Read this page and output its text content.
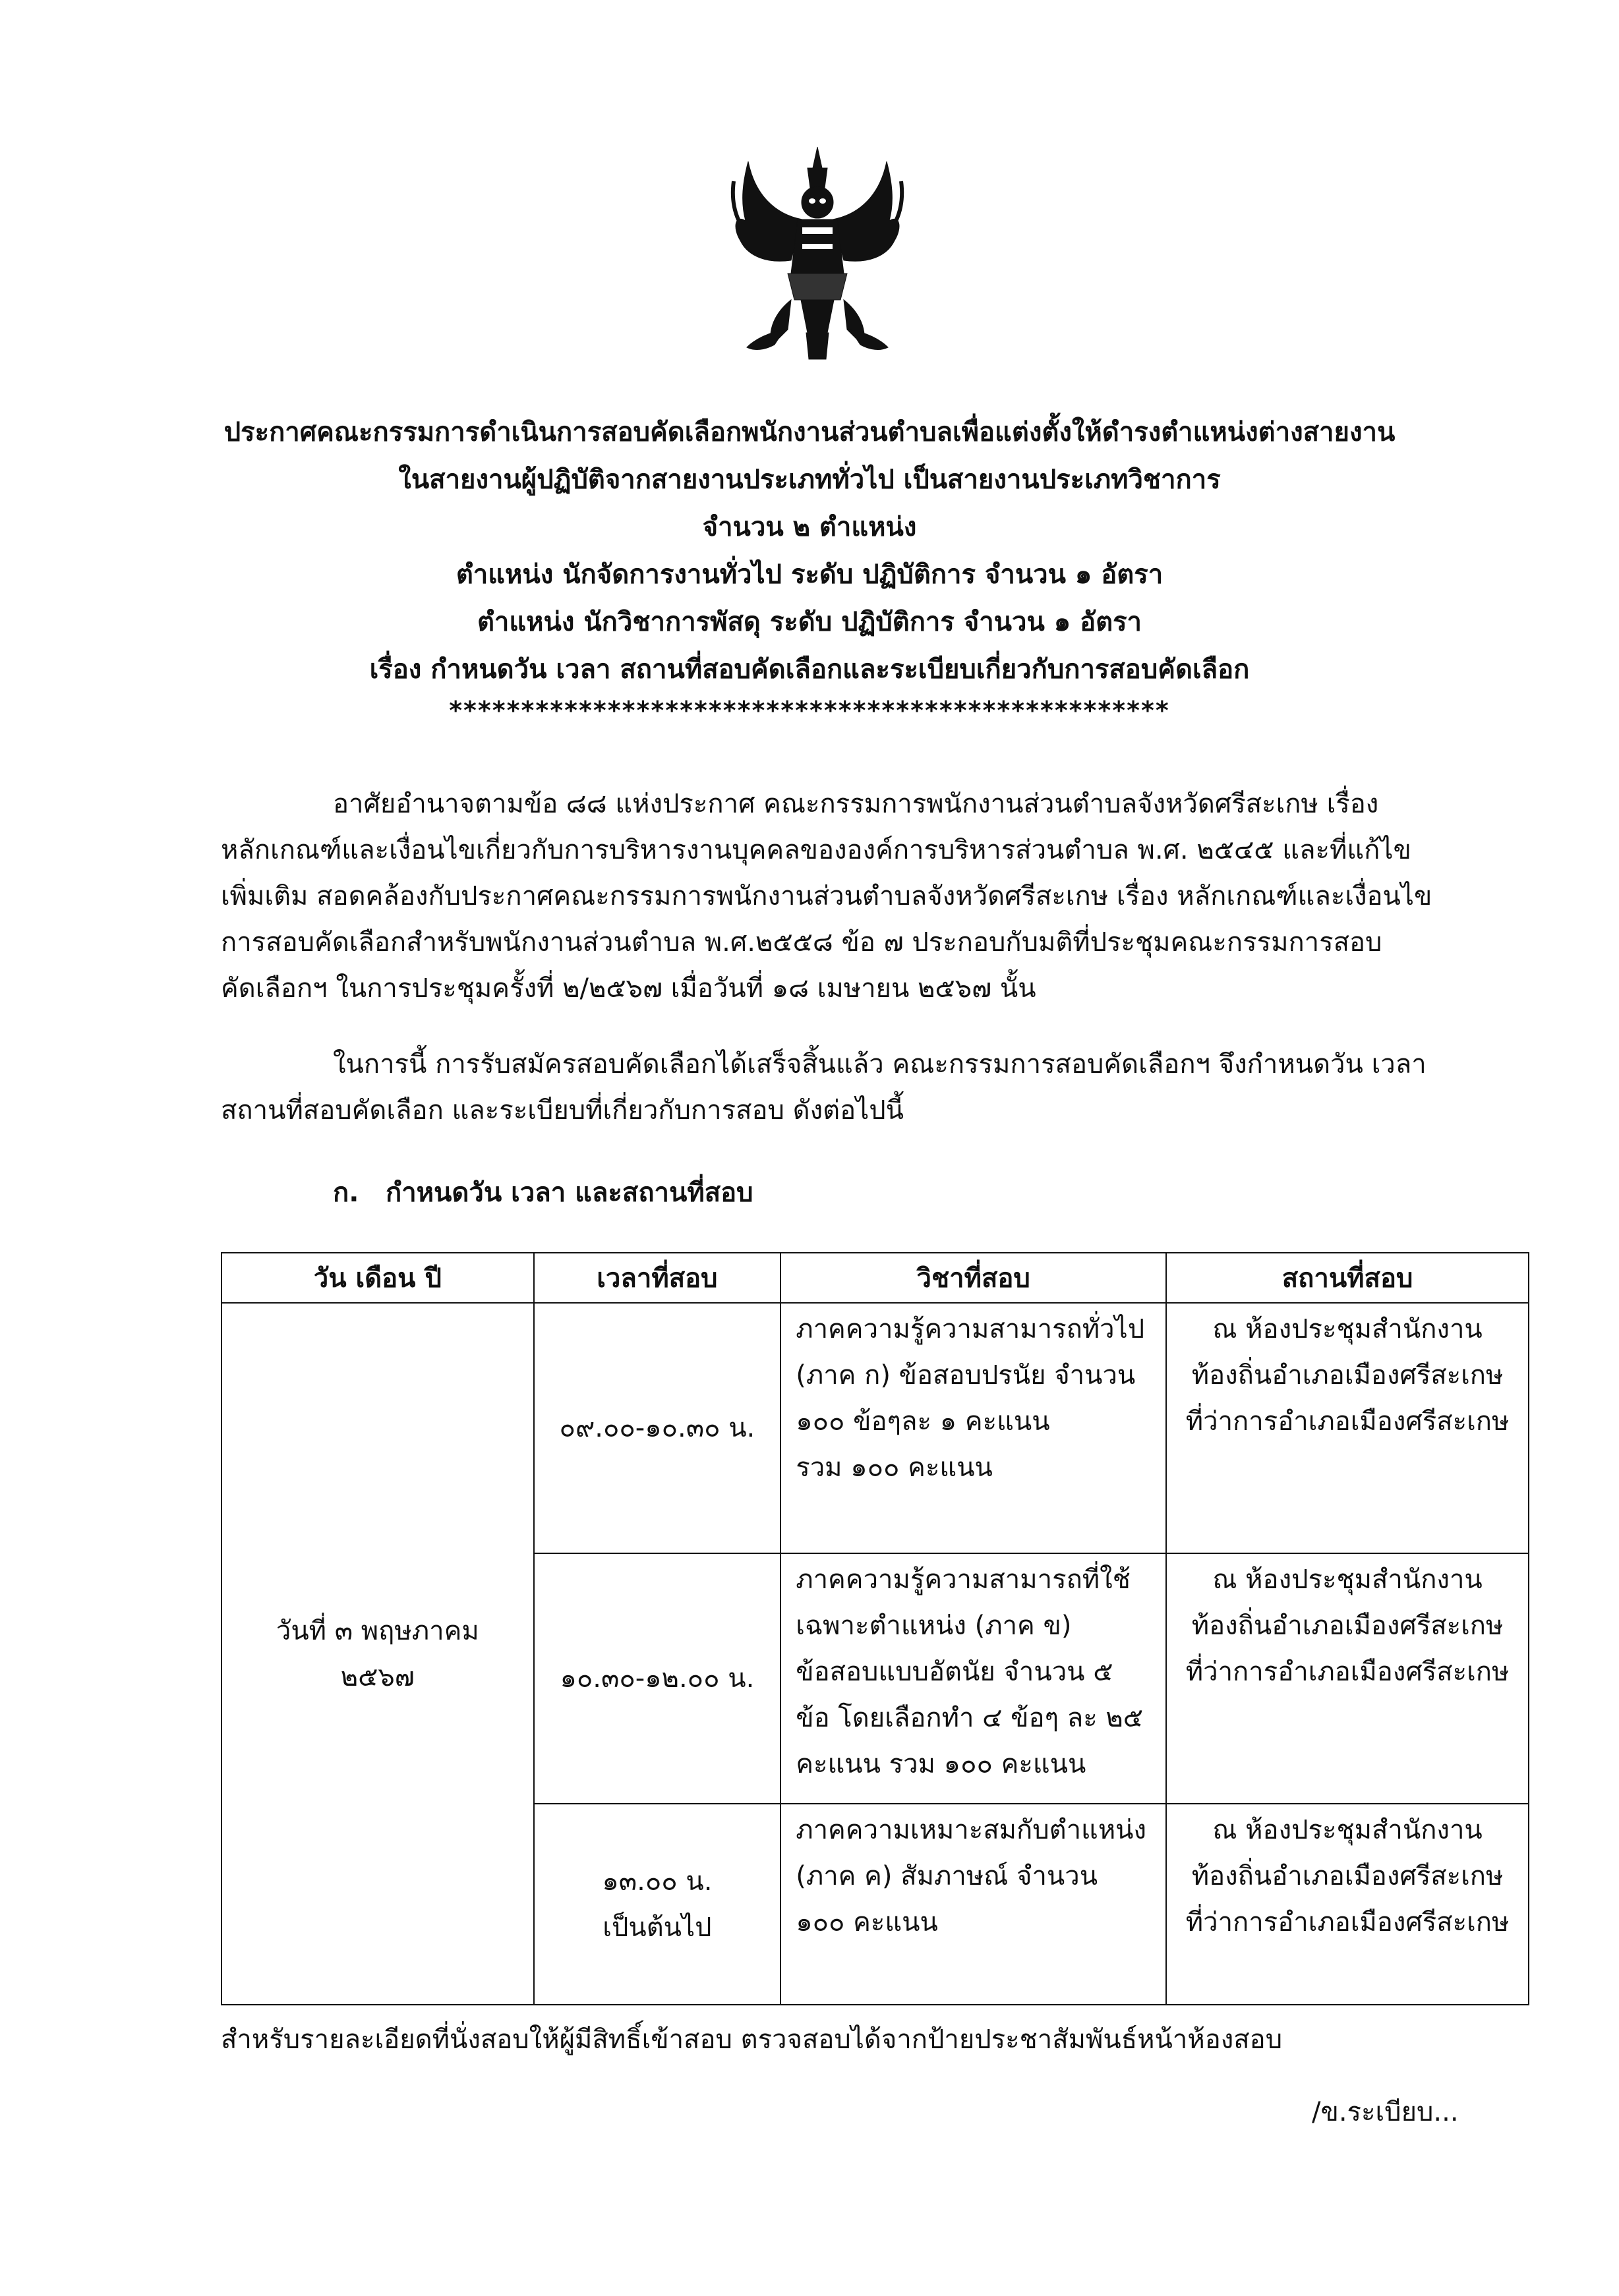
ประกาศคณะกรรมการดำเนินการสอบคัดเลือกพนักงานส่วนตำบลเพื่อแต่งตั้งให้ดำรงตำแหน่งต่างสายงาน
ในสายงานผู้ปฏิบัติจากสายงานประเภททั่วไป เป็นสายงานประเภทวิชาการ
จำนวน ๒ ตำแหน่ง
ตำแหน่ง นักจัดการงานทั่วไป ระดับ ปฏิบัติการ จำนวน ๑ อัตรา
ตำแหน่ง นักวิชาการพัสดุ ระดับ ปฏิบัติการ จำนวน ๑ อัตรา
เรื่อง กำหนดวัน เวลา สถานที่สอบคัดเลือกและระเบียบเกี่ยวกับการสอบคัดเลือก
**************************************************
อาศัยอำนาจตามข้อ ๘๘ แห่งประกาศ คณะกรรมการพนักงานส่วนตำบลจังหวัดศรีสะเกษ เรื่อง
หลักเกณฑ์และเงื่อนไขเกี่ยวกับการบริหารงานบุคคลขององค์การบริหารส่วนตำบล พ.ศ. ๒๕๔๕ และที่แก้ไข
เพิ่มเติม สอดคล้องกับประกาศคณะกรรมการพนักงานส่วนตำบลจังหวัดศรีสะเกษ เรื่อง หลักเกณฑ์และเงื่อนไข
การสอบคัดเลือกสำหรับพนักงานส่วนตำบล พ.ศ.๒๕๕๘ ข้อ ๗ ประกอบกับมติที่ประชุมคณะกรรมการสอบ
คัดเลือกฯ ในการประชุมครั้งที่ ๒/๒๕๖๗ เมื่อวันที่ ๑๘ เมษายน ๒๕๖๗ นั้น
ในการนี้ การรับสมัครสอบคัดเลือกได้เสร็จสิ้นแล้ว คณะกรรมการสอบคัดเลือกฯ จึงกำหนดวัน เวลา
สถานที่สอบคัดเลือก และระเบียบที่เกี่ยวกับการสอบ ดังต่อไปนี้
ก. กำหนดวัน เวลา และสถานที่สอบ
วัน เดือน ปี	เวลาที่สอบ	วิชาที่สอบ	สถานที่สอบ

วันที่ ๓ พฤษภาคม
๒๕๖๗	๐๙.๐๐-๑๐.๓๐ น.	ภาคความรู้ความสามารถทั่วไป
(ภาค ก) ข้อสอบปรนัย จำนวน
๑๐๐ ข้อๆละ ๑ คะแนน
รวม ๑๐๐ คะแนน	ณ ห้องประชุมสำนักงาน
ท้องถิ่นอำเภอเมืองศรีสะเกษ
ที่ว่าการอำเภอเมืองศรีสะเกษ

	๑๐.๓๐-๑๒.๐๐ น.	ภาคความรู้ความสามารถที่ใช้
เฉพาะตำแหน่ง (ภาค ข)
ข้อสอบแบบอัตนัย จำนวน ๕
ข้อ โดยเลือกทำ ๔ ข้อๆ ละ ๒๕
คะแนน รวม ๑๐๐ คะแนน	ณ ห้องประชุมสำนักงาน
ท้องถิ่นอำเภอเมืองศรีสะเกษ
ที่ว่าการอำเภอเมืองศรีสะเกษ

	๑๓.๐๐ น.
เป็นต้นไป	ภาคความเหมาะสมกับตำแหน่ง
(ภาค ค) สัมภาษณ์ จำนวน
๑๐๐ คะแนน	ณ ห้องประชุมสำนักงาน
ท้องถิ่นอำเภอเมืองศรีสะเกษ
ที่ว่าการอำเภอเมืองศรีสะเกษ
สำหรับรายละเอียดที่นั่งสอบให้ผู้มีสิทธิ์เข้าสอบ ตรวจสอบได้จากป้ายประชาสัมพันธ์หน้าห้องสอบ
/ข.ระเบียบ...
